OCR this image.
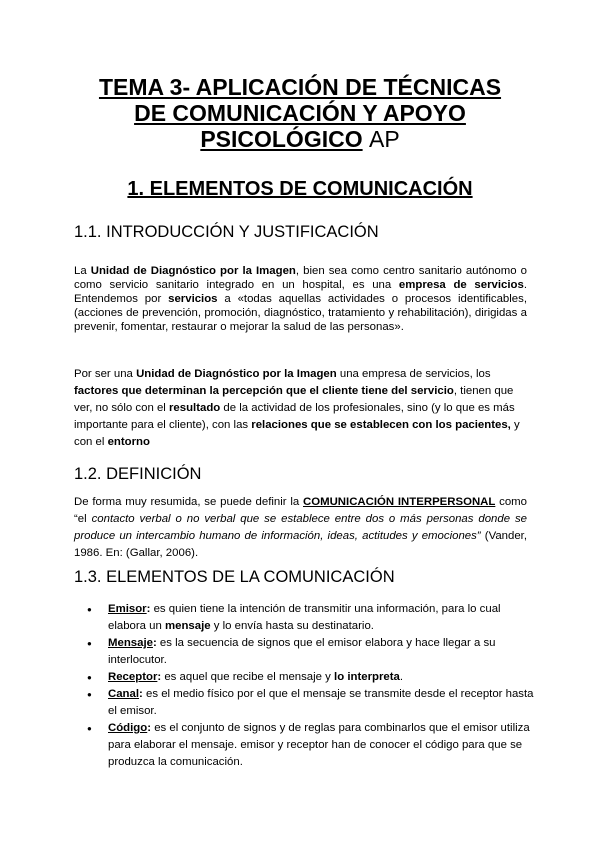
TEMA 3- APLICACIÓN DE TÉCNICAS
DE COMUNICACIÓN Y APOYO
PSICOLÓGICO AP
1. ELEMENTOS DE COMUNICACIÓN
1.1. INTRODUCCIÓN Y JUSTIFICACIÓN
La Unidad de Diagnóstico por la Imagen, bien sea como centro sanitario autónomo o como servicio sanitario integrado en un hospital, es una empresa de servicios. Entendemos por servicios a «todas aquellas actividades o procesos identificables, (acciones de prevención, promoción, diagnóstico, tratamiento y rehabilitación), dirigidas a prevenir, fomentar, restaurar o mejorar la salud de las personas».
Por ser una Unidad de Diagnóstico por la Imagen una empresa de servicios, los factores que determinan la percepción que el cliente tiene del servicio, tienen que ver, no sólo con el resultado de la actividad de los profesionales, sino (y lo que es más importante para el cliente), con las relaciones que se establecen con los pacientes, y con el entorno
1.2. DEFINICIÓN
De forma muy resumida, se puede definir la COMUNICACIÓN INTERPERSONAL como “el contacto verbal o no verbal que se establece entre dos o más personas donde se produce un intercambio humano de información, ideas, actitudes y emociones” (Vander, 1986. En: (Gallar, 2006).
1.3. ELEMENTOS DE LA COMUNICACIÓN
● Emisor: es quien tiene la intención de transmitir una información, para lo cual elabora un mensaje y lo envía hasta su destinatario.
● Mensaje: es la secuencia de signos que el emisor elabora y hace llegar a su interlocutor.
● Receptor: es aquel que recibe el mensaje y lo interpreta.
● Canal: es el medio físico por el que el mensaje se transmite desde el receptor hasta el emisor.
● Código: es el conjunto de signos y de reglas para combinarlos que el emisor utiliza para elaborar el mensaje. emisor y receptor han de conocer el código para que se produzca la comunicación.
